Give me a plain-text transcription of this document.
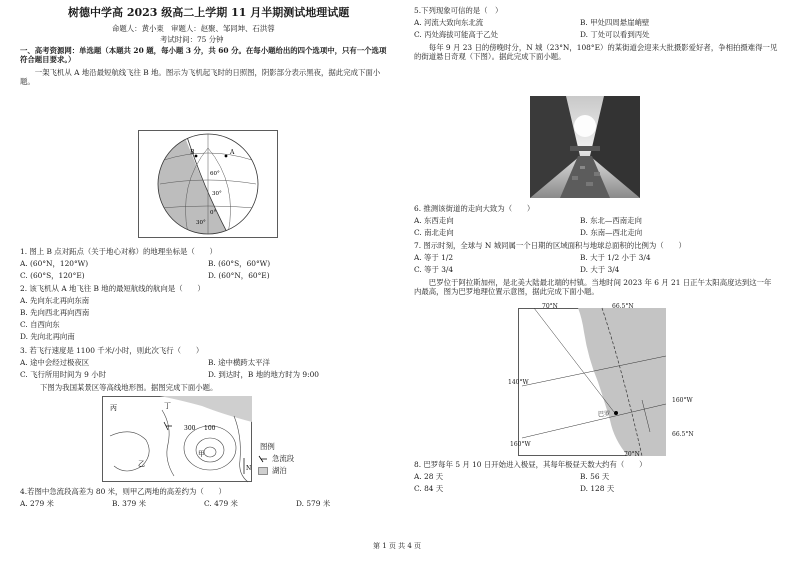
树德中学高 2023 级高二上学期 11 月半期测试地理试题
命题人：黄小東　审题人：赵聚、邹同坤、石洪蓉
考试时间：75 分钟
一、高考资源网：单选题（本题共 20 题，每小题 3 分，共 60 分。在每小题给出的四个选项中，只有一个选项符合题目要求。）
一架飞机从 A 地沿最短航线飞往 B 地。图示为飞机起飞时的日照图，阴影部分表示黑夜，据此完成下面小题。
B	A
60°
30°
0°
30°
1. 图上 B 点对跖点（关于地心对称）的地理坐标是（　　）
A. (60°N，120°W)	B. (60°S，60°W)
C. (60°S，120°E)	D. (60°N，60°E)
2. 该飞机从 A 地飞往 B 地的最短航线的航向是（　　）
A. 先向东北再向东南
B. 先向西北再向西南
C. 自西向东
D. 先向北再向南
3. 若飞行速度是 1100 千米/小时，则此次飞行（　　）
A. 途中会经过极夜区	B. 途中横跨太平洋
C. 飞行所用时间为 9 小时	D. 到达时，B 地的地方时为 9:00
下图为我国某景区等高线地形图。据图完成下面小题。
丙	丁
乙
甲
300 100
N
图例
急流段
湖泊
4.若图中急流段高差为 80 米，则甲乙两地的高差约为（　　）
A. 279 米	B. 379 米	C. 479 米	D. 579 米
5.下列现象可信的是（　）
A. 河流大致向东北流	B. 甲处四周悬崖峭壁
C. 丙处海拔可能高于乙处	D. 丁处可以看到丙处
每年 9 月 23 日的傍晚时分，N 城（23°N，108°E）的某街道会迎来大批摄影爱好者，争相拍摄难得一见的街道悬日奇观（下图）。据此完成下面小题。
6. 推测该街道的走向大致为（　　）
A. 东西走向	B. 东北—西南走向
C. 南北走向	D. 东南—西北走向
7. 图示时刻，全球与 N 城同属一个日期的区域面积与地球总面积的比例为（　　）
A. 等于 1/2	B. 大于 1/2 小于 3/4
C. 等于 3/4	D. 大于 3/4
巴罗位于阿拉斯加州，是北美大陆最北端的村镇。当地时间 2023 年 6 月 21 日正午太阳高度达到这一年内最高，图为巴罗地理位置示意图，据此完成下面小题。
70°N	66.5°N
140°W
160°W
160°W
66.5°N
70°N
巴罗
8. 巴罗每年 5 月 10 日开始进入极昼，其每年极昼天数大约有（　　）
A. 28 天	B. 56 天
C. 84 天	D. 128 天
第 1 页 共 4 页
